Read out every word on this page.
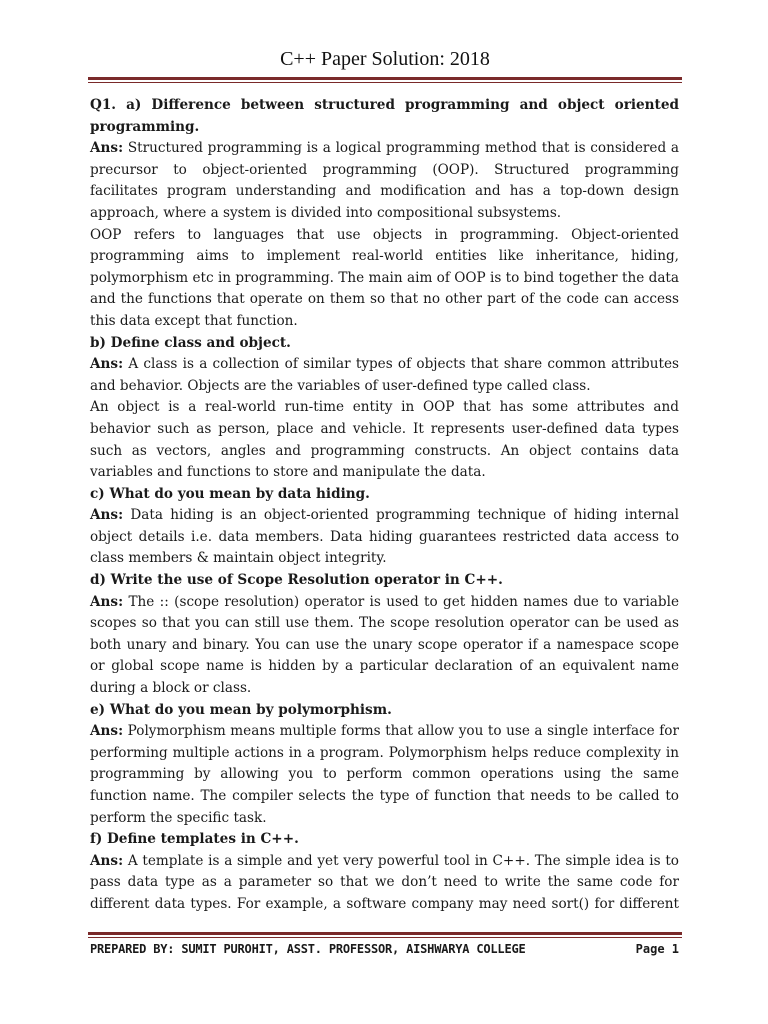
C++ Paper Solution: 2018

Q1. a) Difference between structured programming and object oriented programming.

Ans: Structured programming is a logical programming method that is considered a precursor to object-oriented programming (OOP). Structured programming facilitates program understanding and modification and has a top-down design approach, where a system is divided into compositional subsystems.

OOP refers to languages that use objects in programming. Object-oriented programming aims to implement real-world entities like inheritance, hiding, polymorphism etc in programming. The main aim of OOP is to bind together the data and the functions that operate on them so that no other part of the code can access this data except that function.

b) Define class and object.

Ans: A class is a collection of similar types of objects that share common attributes and behavior. Objects are the variables of user-defined type called class.

An object is a real-world run-time entity in OOP that has some attributes and behavior such as person, place and vehicle. It represents user-defined data types such as vectors, angles and programming constructs. An object contains data variables and functions to store and manipulate the data.

c) What do you mean by data hiding.

Ans: Data hiding is an object-oriented programming technique of hiding internal object details i.e. data members. Data hiding guarantees restricted data access to class members & maintain object integrity.

d) Write the use of Scope Resolution operator in C++.

Ans: The :: (scope resolution) operator is used to get hidden names due to variable scopes so that you can still use them. The scope resolution operator can be used as both unary and binary. You can use the unary scope operator if a namespace scope or global scope name is hidden by a particular declaration of an equivalent name during a block or class.

e) What do you mean by polymorphism.

Ans: Polymorphism means multiple forms that allow you to use a single interface for performing multiple actions in a program. Polymorphism helps reduce complexity in programming by allowing you to perform common operations using the same function name. The compiler selects the type of function that needs to be called to perform the specific task.

f) Define templates in C++.

Ans: A template is a simple and yet very powerful tool in C++. The simple idea is to pass data type as a parameter so that we don’t need to write the same code for different data types. For example, a software company may need sort() for different

PREPARED BY: SUMIT PUROHIT, ASST. PROFESSOR, AISHWARYA COLLEGE	Page 1
